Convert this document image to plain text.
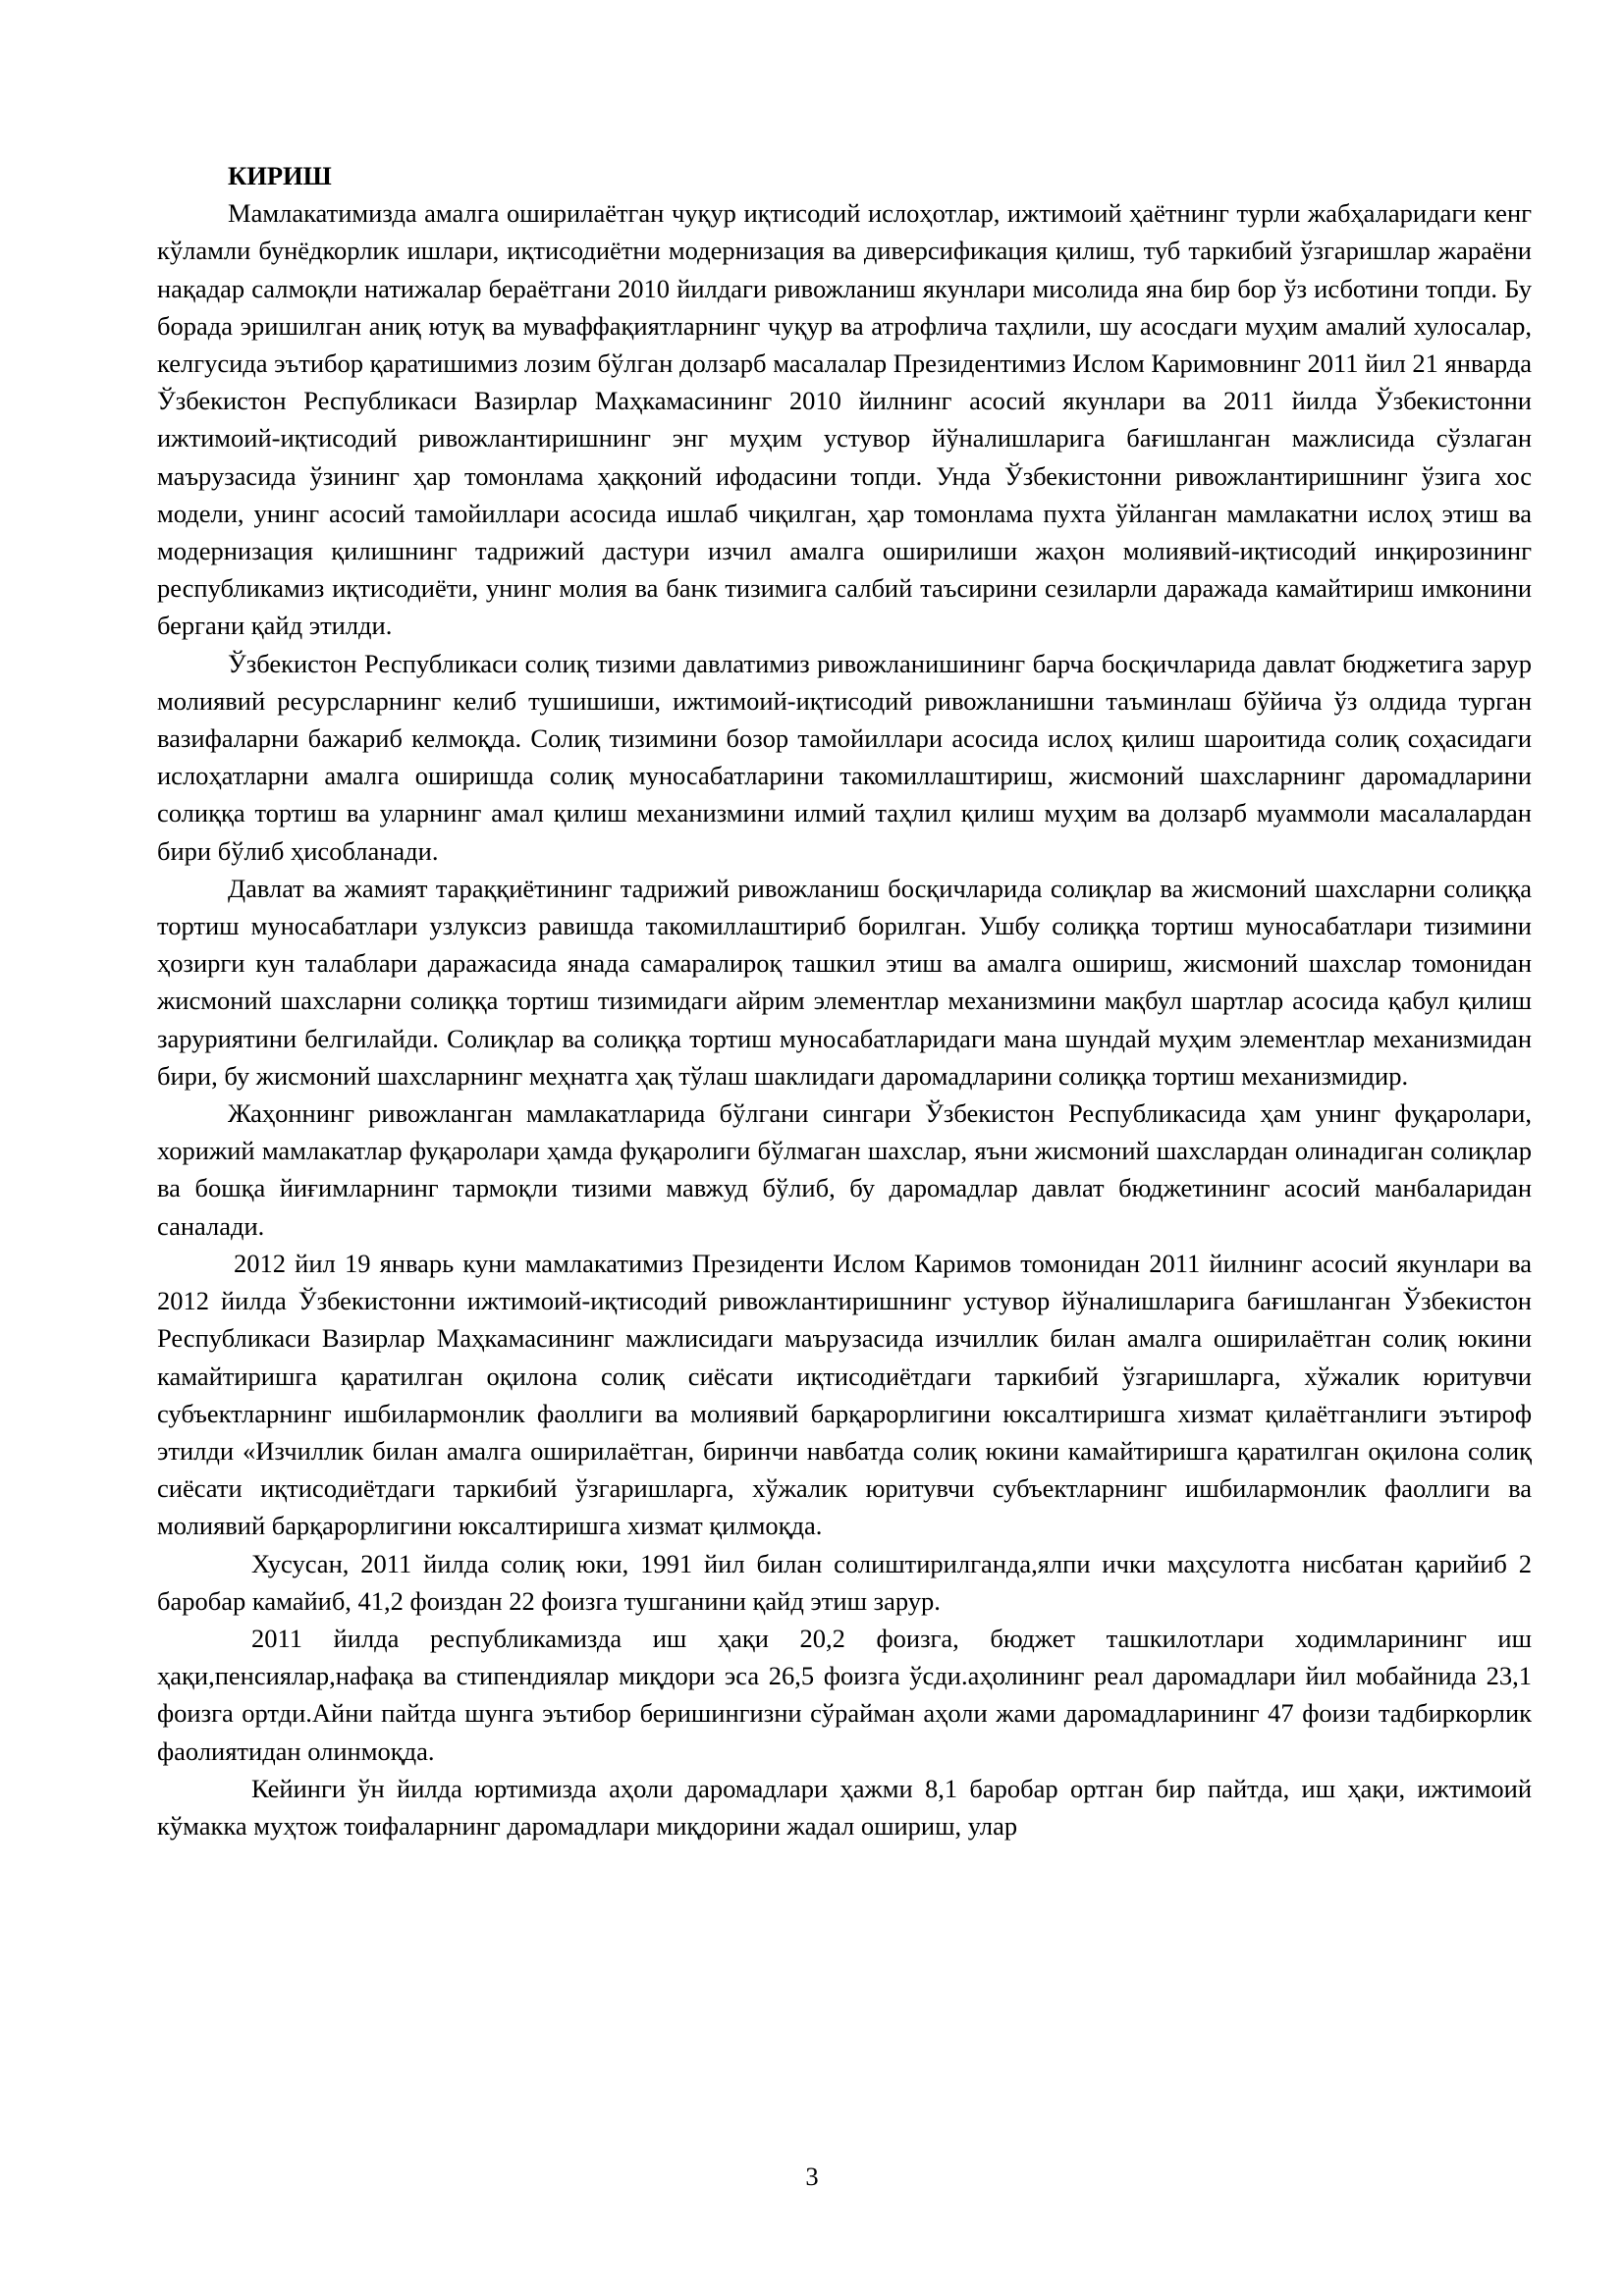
КИРИШ

Мамлакатимизда амалга оширилаётган чуқур иқтисодий ислоҳотлар, ижтимоий ҳаётнинг турли жабҳаларидаги кенг кўламли бунёдкорлик ишлари, иқтисодиётни модернизация ва диверсификация қилиш, туб таркибий ўзгаришлар жараёни нақадар салмоқли натижалар бераётгани 2010 йилдаги ривожланиш якунлари мисолида яна бир бор ўз исботини топди. Бу борада эришилган аниқ ютуқ ва муваффақиятларнинг чуқур ва атрофлича таҳлили, шу асосдаги муҳим амалий хулосалар, келгусида эътибор қаратишимиз лозим бўлган долзарб масалалар Президентимиз Ислом Каримовнинг 2011 йил 21 январда Ўзбекистон Республикаси Вазирлар Маҳкамасининг 2010 йилнинг асосий якунлари ва 2011 йилда Ўзбекистонни ижтимоий-иқтисодий ривожлантиришнинг энг муҳим устувор йўналишларига бағишланган мажлисида сўзлаган маърузасида ўзининг ҳар томонлама ҳаққоний ифодасини топди. Унда Ўзбекистонни ривожлантиришнинг ўзига хос модели, унинг асосий тамойиллари асосида ишлаб чиқилган, ҳар томонлама пухта ўйланган мамлакатни ислоҳ этиш ва модернизация қилишнинг тадрижий дастури изчил амалга оширилиши жаҳон молиявий-иқтисодий инқирозининг республикамиз иқтисодиёти, унинг молия ва банк тизимига салбий таъсирини сезиларли даражада камайтириш имконини бергани қайд этилди.

Ўзбекистон Республикаси солиқ тизими давлатимиз ривожланишининг барча босқичларида давлат бюджетига зарур молиявий ресурсларнинг келиб тушишиши, ижтимоий-иқтисодий ривожланишни таъминлаш бўйича ўз олдида турган вазифаларни бажариб келмоқда. Солиқ тизимини бозор тамойиллари асосида ислоҳ қилиш шароитида солиқ соҳасидаги ислоҳатларни амалга оширишда солиқ муносабатларини такомиллаштириш, жисмоний шахсларнинг даромадларини солиққа тортиш ва уларнинг амал қилиш механизмини илмий таҳлил қилиш муҳим ва долзарб муаммоли масалалардан бири бўлиб ҳисобланади.

Давлат ва жамият тараққиётининг тадрижий ривожланиш босқичларида солиқлар ва жисмоний шахсларни солиққа тортиш муносабатлари узлуксиз равишда такомиллаштириб борилган. Ушбу солиққа тортиш муносабатлари тизимини ҳозирги кун талаблари даражасида янада самаралироқ ташкил этиш ва амалга ошириш, жисмоний шахслар томонидан жисмоний шахсларни солиққа тортиш тизимидаги айрим элементлар механизмини мақбул шартлар асосида қабул қилиш заруриятини белгилайди. Солиқлар ва солиққа тортиш муносабатларидаги мана шундай муҳим элементлар механизмидан бири, бу жисмоний шахсларнинг меҳнатга ҳақ тўлаш шаклидаги даромадларини солиққа тортиш механизмидир.

Жаҳоннинг ривожланган мамлакатларида бўлгани сингари Ўзбекистон Республикасида ҳам унинг фуқаролари, хорижий мамлакатлар фуқаролари ҳамда фуқаролиги бўлмаган шахслар, яъни жисмоний шахслардан олинадиган солиқлар ва бошқа йиғимларнинг тармоқли тизими мавжуд бўлиб, бу даромадлар давлат бюджетининг асосий манбаларидан саналади.

2012 йил 19 январь куни мамлакатимиз Президенти Ислом Каримов томонидан 2011 йилнинг асосий якунлари ва 2012 йилда Ўзбекистонни ижтимоий-иқтисодий ривожлантиришнинг устувор йўналишларига бағишланган Ўзбекистон Республикаси Вазирлар Маҳкамасининг мажлисидаги маърузасида изчиллик билан амалга оширилаётган солиқ юкини камайтиришга қаратилган оқилона солиқ сиёсати иқтисодиётдаги таркибий ўзгаришларга, хўжалик юритувчи субъектларнинг ишбилармонлик фаоллиги ва молиявий барқарорлигини юксалтиришга хизмат қилаётганлиги эътироф этилди «Изчиллик билан амалга оширилаётган, биринчи навбатда солиқ юкини камайтиришга қаратилган оқилона солиқ сиёсати иқтисодиётдаги таркибий ўзгаришларга, хўжалик юритувчи субъектларнинг ишбилармонлик фаоллиги ва молиявий барқарорлигини юксалтиришга хизмат қилмоқда.

Хусусан, 2011 йилда солиқ юки, 1991 йил билан солиштирилганда,ялпи ички маҳсулотга нисбатан қарийиб 2 баробар камайиб, 41,2 фоиздан 22 фоизга тушганини қайд этиш зарур.

2011 йилда республикамизда иш ҳақи 20,2 фоизга, бюджет ташкилотлари ходимларининг иш ҳақи,пенсиялар,нафақа ва стипендиялар миқдори эса 26,5 фоизга ўсди.аҳолининг реал даромадлари йил мобайнида 23,1 фоизга ортди.Айни пайтда шунга эътибор беришингизни сўрайман аҳоли жами даромадларининг 47 фоизи тадбиркорлик фаолиятидан олинмоқда.

Кейинги ўн йилда юртимизда аҳоли даромадлари ҳажми 8,1 баробар ортган бир пайтда, иш ҳақи, ижтимоий кўмакка муҳтож тоифаларнинг даромадлари миқдорини жадал ошириш, улар

3
